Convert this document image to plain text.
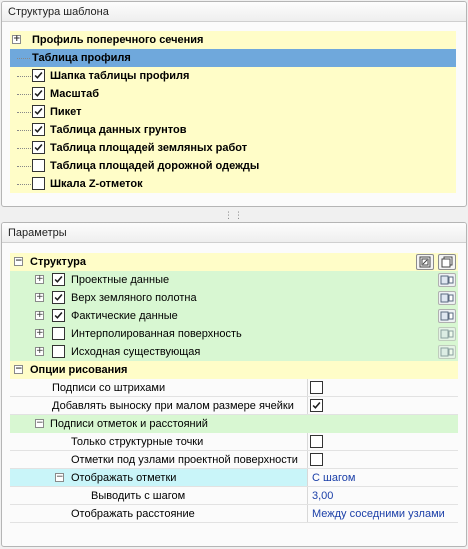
Структура шаблона
+ Профиль поперечного сечения
Таблица профиля
Шапка таблицы профиля
Масштаб
Пикет
Таблица данных грунтов
Таблица площадей земляных работ
Таблица площадей дорожной одежды
Шкала Z-отметок
⋮⋮
Параметры
− Структура
+ Проектные данные
+ Верх земляного полотна
+ Фактические данные
+ Интерполированная поверхность
+ Исходная существующая
− Опции рисования
Подписи со штрихами
Добавлять выноску при малом размере ячейки
− Подписи отметок и расстояний
Только структурные точки
Отметки под узлами проектной поверхности
− Отображать отметки	С шагом
Выводить с шагом	3,00
Отображать расстояние	Между соседними узлами
